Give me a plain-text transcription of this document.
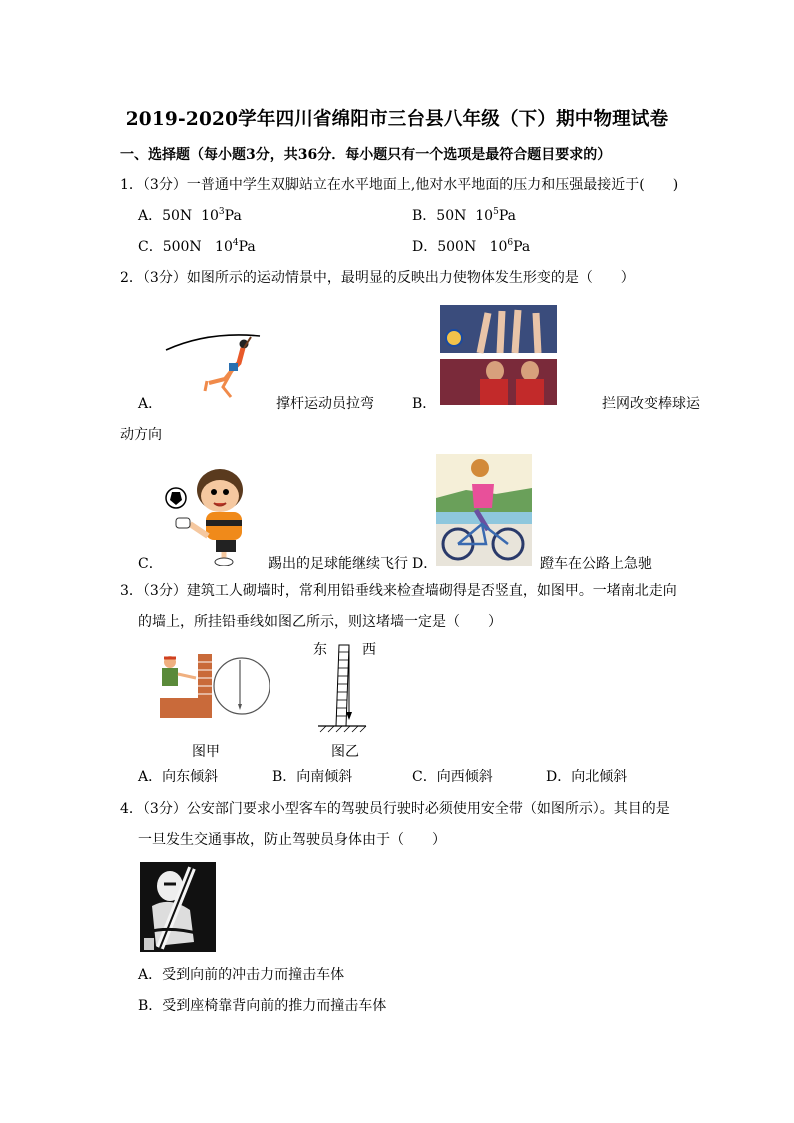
2019-2020学年四川省绵阳市三台县八年级（下）期中物理试卷
一、选择题（每小题3分，共36分．每小题只有一个选项是最符合题目要求的）
1．（3分）一普通中学生双脚站立在水平地面上,他对水平地面的压力和压强最接近于(　　)
A．50N $10^3Pa$	B．50N $10^5Pa$
C．500N $10^4Pa$	D．500N $10^6Pa$
2．（3分）如图所示的运动情景中，最明显的反映出力使物体发生形变的是（　　）
A．	撑杆运动员拉弯	B．	拦网改变棒球运
动方向
C．	踢出的足球能继续飞行 D．	蹬车在公路上急驰
3．（3分）建筑工人砌墙时，常利用铅垂线来检查墙砌得是否竖直，如图甲。一堵南北走向
的墙上，所挂铅垂线如图乙所示，则这堵墙一定是（　　）
东	西
图甲	图乙
A．向东倾斜	B．向南倾斜	C．向西倾斜	D．向北倾斜
4．（3分）公安部门要求小型客车的驾驶员行驶时必须使用安全带（如图所示）。其目的是
一旦发生交通事故，防止驾驶员身体由于（　　）
A．受到向前的冲击力而撞击车体
B．受到座椅靠背向前的推力而撞击车体
